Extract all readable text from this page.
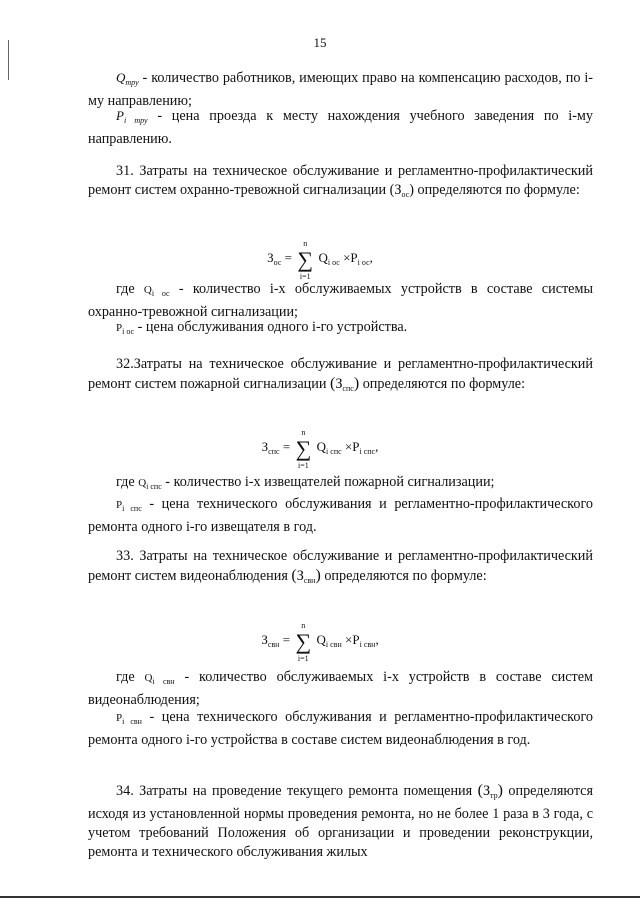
15
$Q_{тру}$ - количество работников, имеющих право на компенсацию расходов, по i-му направлению;
$P_{i тру}$ - цена проезда к месту нахождения учебного заведения по i-му направлению.
31. Затраты на техническое обслуживание и регламентно-профилактический ремонт систем охранно-тревожной сигнализации $(З_{ос})$ определяются по формуле:
$З_{ос}$ =
n
∑
i=1
$Q_{i ос} \times P_{i ос}$,
где $Q_{i ос}$ - количество i-х обслуживаемых устройств в составе системы охранно-тревожной сигнализации;
$P_{i ос}$ - цена обслуживания одного i-го устройства.
32.Затраты на техническое обслуживание и регламентно-профилактический ремонт систем пожарной сигнализации $(З_{спс})$ определяются по формуле:
$З_{спс}$ =
n
∑
i=1
$Q_{i спс} \times P_{i спс}$,
где $Q_{i спс}$ - количество i-х извещателей пожарной сигнализации;
$P_{i спс}$ - цена технического обслуживания и регламентно-профилактического ремонта одного i-го извещателя в год.
33. Затраты на техническое обслуживание и регламентно-профилактический ремонт систем видеонаблюдения $(З_{свн})$ определяются по формуле:
$З_{свн}$ =
n
∑
i=1
$Q_{i свн} \times P_{i свн}$,
где $Q_{i свн}$ - количество обслуживаемых i-х устройств в составе систем видеонаблюдения;
$P_{i свн}$ - цена технического обслуживания и регламентно-профилактического ремонта одного i-го устройства в составе систем видеонаблюдения в год.
34. Затраты на проведение текущего ремонта помещения $(З_{тр})$ определяются исходя из установленной нормы проведения ремонта, но не более 1 раза в 3 года, с учетом требований Положения об организации и проведении реконструкции, ремонта и технического обслуживания жилых
